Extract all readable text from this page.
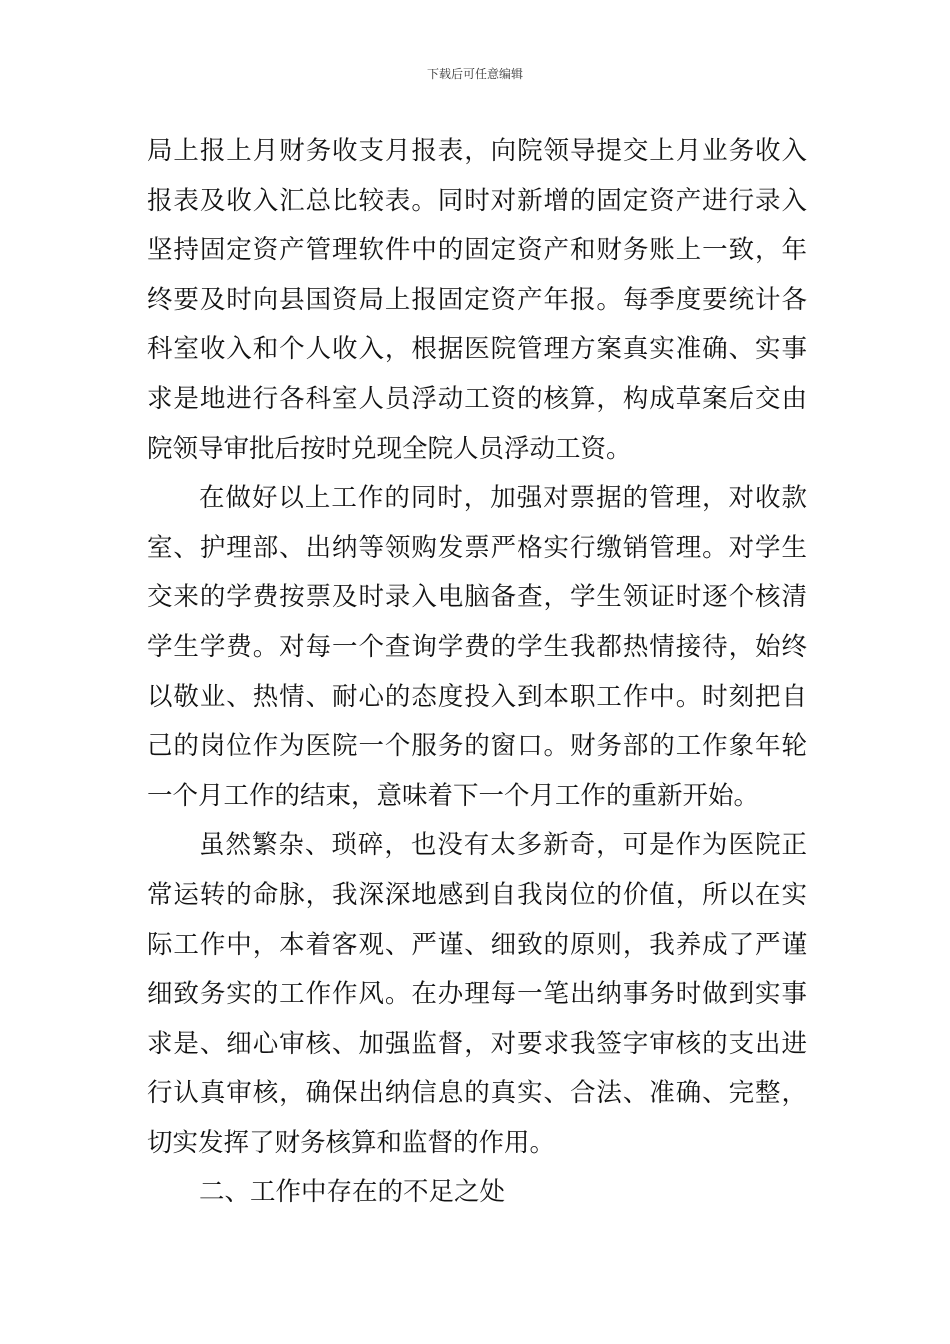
下载后可任意编辑
局上报上月财务收支月报表，向院领导提交上月业务收入
报表及收入汇总比较表。同时对新增的固定资产进行录入
坚持固定资产管理软件中的固定资产和财务账上一致，年
终要及时向县国资局上报固定资产年报。每季度要统计各
科室收入和个人收入，根据医院管理方案真实准确、实事
求是地进行各科室人员浮动工资的核算，构成草案后交由
院领导审批后按时兑现全院人员浮动工资。
在做好以上工作的同时，加强对票据的管理，对收款
室、护理部、出纳等领购发票严格实行缴销管理。对学生
交来的学费按票及时录入电脑备查，学生领证时逐个核清
学生学费。对每一个查询学费的学生我都热情接待，始终
以敬业、热情、耐心的态度投入到本职工作中。时刻把自
己的岗位作为医院一个服务的窗口。财务部的工作象年轮
一个月工作的结束，意味着下一个月工作的重新开始。
虽然繁杂、琐碎，也没有太多新奇，可是作为医院正
常运转的命脉，我深深地感到自我岗位的价值，所以在实
际工作中，本着客观、严谨、细致的原则，我养成了严谨
细致务实的工作作风。在办理每一笔出纳事务时做到实事
求是、细心审核、加强监督，对要求我签字审核的支出进
行认真审核，确保出纳信息的真实、合法、准确、完整，
切实发挥了财务核算和监督的作用。
二、工作中存在的不足之处
